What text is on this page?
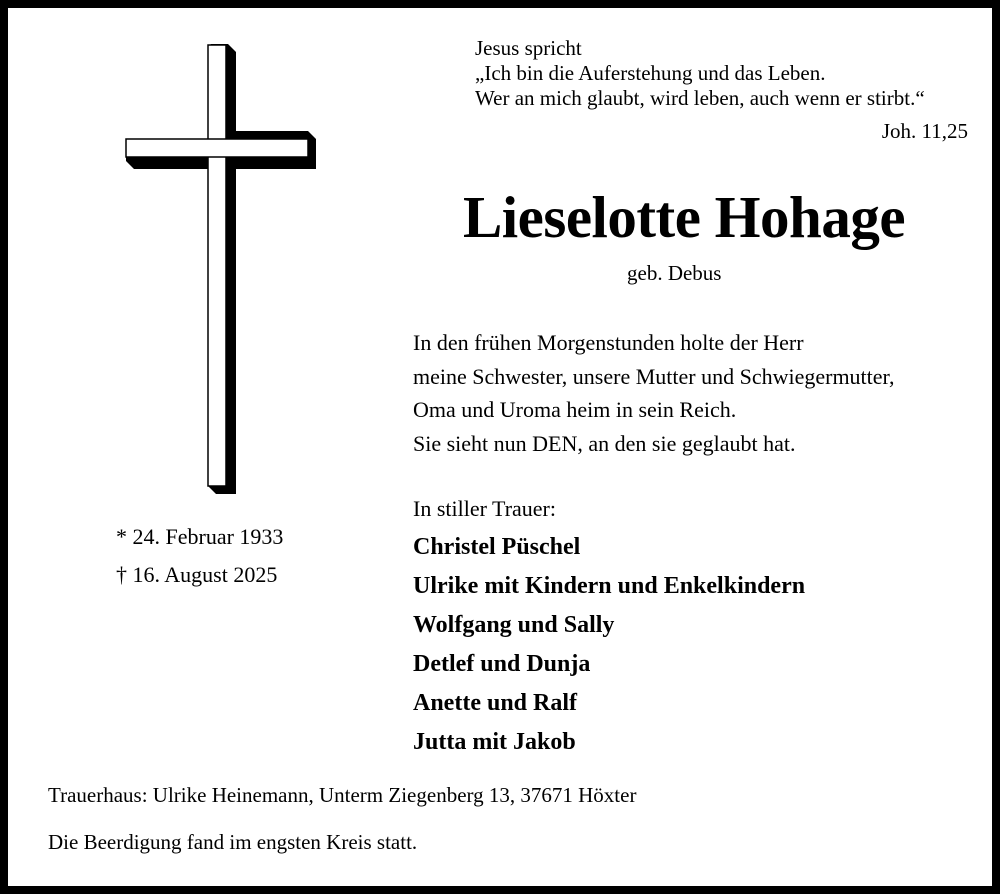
Jesus spricht
„Ich bin die Auferstehung und das Leben.
Wer an mich glaubt, wird leben, auch wenn er stirbt.“
Joh. 11,25
Lieselotte Hohage
geb. Debus
* 24. Februar 1933
† 16. August 2025
In den frühen Morgenstunden holte der Herr
meine Schwester, unsere Mutter und Schwiegermutter,
Oma und Uroma heim in sein Reich.
Sie sieht nun DEN, an den sie geglaubt hat.
In stiller Trauer:
Christel Püschel
Ulrike mit Kindern und Enkelkindern
Wolfgang und Sally
Detlef und Dunja
Anette und Ralf
Jutta mit Jakob
Trauerhaus: Ulrike Heinemann, Unterm Ziegenberg 13, 37671 Höxter
Die Beerdigung fand im engsten Kreis statt.
